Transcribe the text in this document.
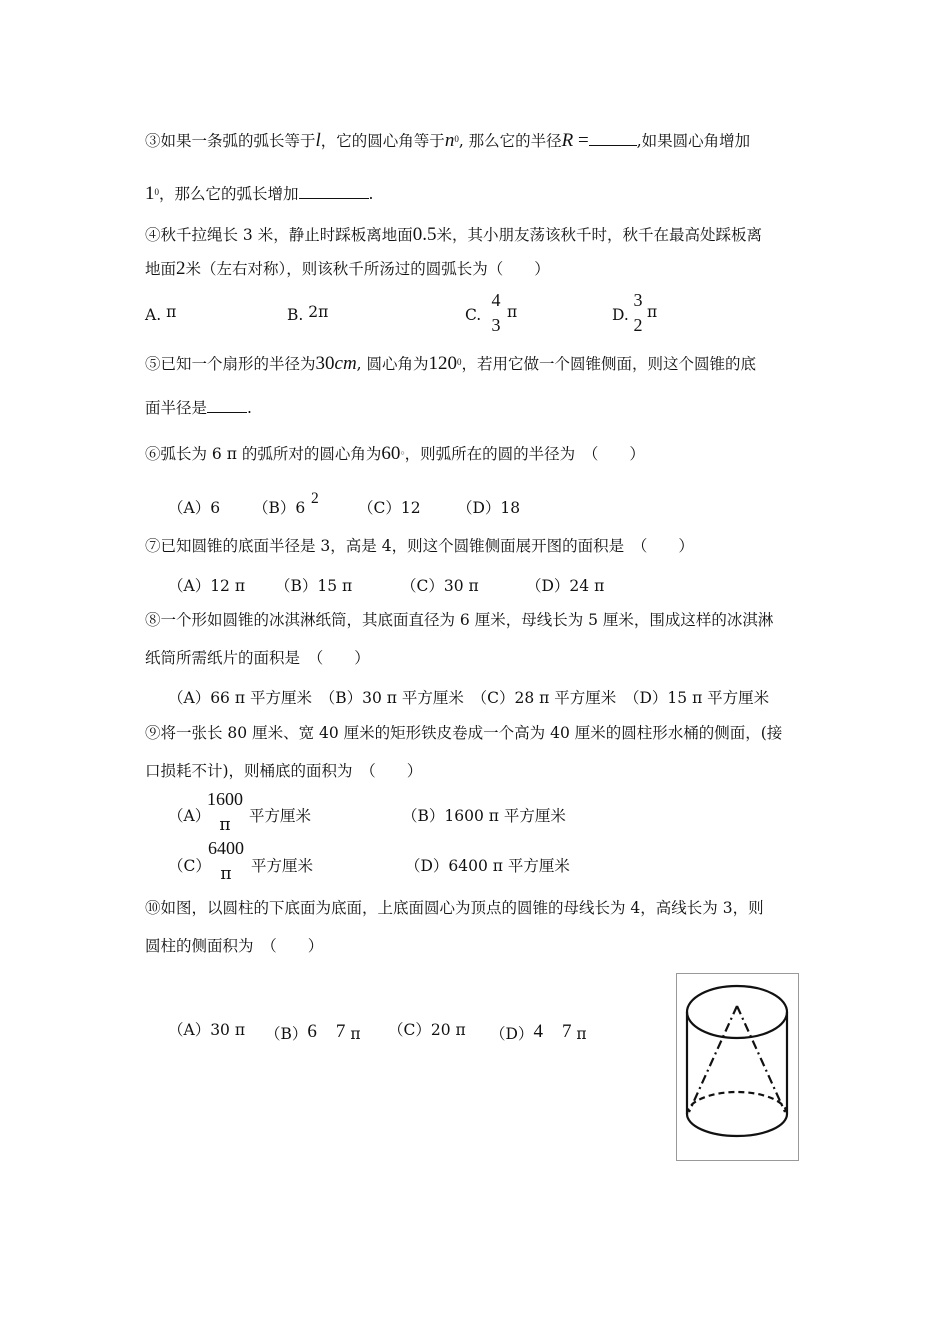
③如果一条弧的弧长等于l，它的圆心角等于$n^0$, 那么它的半径R =	,如果圆心角增加
$1^0$，那么它的弧长增加	.
④秋千拉绳长 3 米，静止时踩板离地面0.5米，其小朋友荡该秋千时，秋千在最高处踩板离
地面2米（左右对称），则该秋千所汤过的圆弧长为（　　）
A. π	B. 2π	C.
4
3
π	D.
3
2
π
⑤已知一个扇形的半径为30cm, 圆心角为$120^0$，若用它做一个圆锥侧面，则这个圆锥的底
面半径是	.
⑥弧长为 6 π 的弧所对的圆心角为60○，则弧所在的圆的半径为　（　　）
（A）6 （B）6
2
（C）12 （D）18
⑦已知圆锥的底面半径是 3，高是 4，则这个圆锥侧面展开图的面积是　（　　）
（A）12 π （B）15 π	（C）30 π	（D）24 π
⑧一个形如圆锥的冰淇淋纸筒，其底面直径为 6 厘米，母线长为 5 厘米，围成这样的冰淇淋
纸筒所需纸片的面积是　（　　）
（A）66 π 平方厘米　（B）30 π 平方厘米　（C）28 π 平方厘米　（D）15 π 平方厘米
⑨将一张长 80 厘米、宽 40 厘米的矩形铁皮卷成一个高为 40 厘米的圆柱形水桶的侧面，(接
口损耗不计)，则桶底的面积为　（　　）
（A）
1600
π	平方厘米	（B）1600 π 平方厘米
（C）
6400
π	平方厘米	（D）6400 π 平方厘米
⑩如图，以圆柱的下底面为底面，上底面圆心为顶点的圆锥的母线长为 4，高线长为 3，则
圆柱的侧面积为　（　　）
（A）30 π （B）6　7 π （C）20 π （D）4　7 π
